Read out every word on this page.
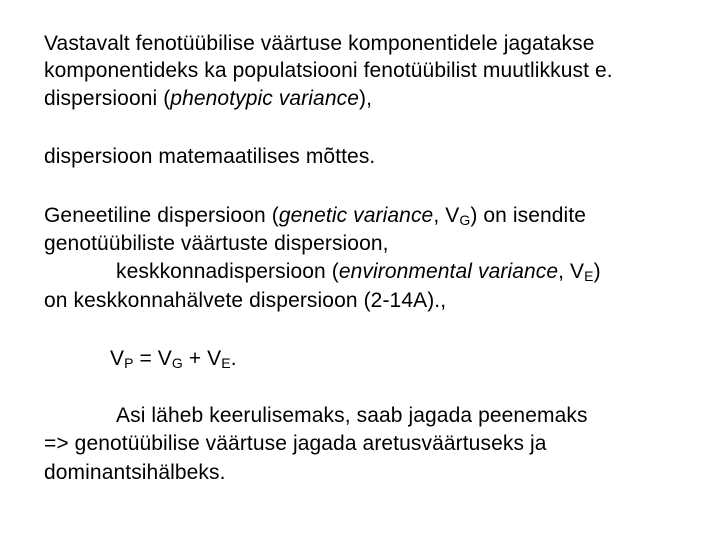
Vastavalt fenotüübilise väärtuse komponentidele jagatakse
komponentideks ka populatsiooni fenotüübilist muutlikkust e.
dispersiooni (phenotypic variance),
dispersioon matemaatilises mõttes.
Geneetiline dispersioon (genetic variance, $V_G$) on isendite
genotüübiliste väärtuste dispersioon,
keskkonnadispersioon (environmental variance, $V_E$)
on keskkonnahälvete dispersioon (2-14A).,
$V_P = V_G + V_E$.
Asi läheb keerulisemaks, saab jagada peenemaks
=> genotüübilise väärtuse jagada aretusväärtuseks ja
dominantsihälbeks.
